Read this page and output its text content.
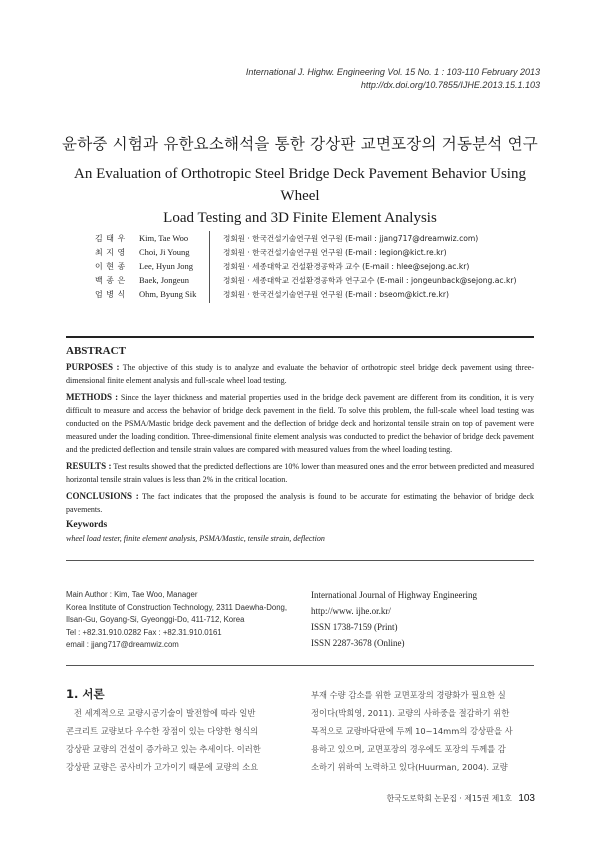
International J. Highw. Engineering Vol. 15 No. 1 : 103-110 February 2013
http://dx.doi.org/10.7855/IJHE.2013.15.1.103
윤하중 시험과 유한요소해석을 통한 강상판 교면포장의 거동분석 연구
An Evaluation of Orthotropic Steel Bridge Deck Pavement Behavior Using Wheel
Load Testing and 3D Finite Element Analysis
김 태 우 Kim, Tae Woo	정회원 · 한국건설기술연구원 연구원 (E-mail : jjang717@dreamwiz.com)
최 지 영 Choi, Ji Young	정회원 · 한국건설기술연구원 연구원 (E-mail : legion@kict.re.kr)
이 현 종 Lee, Hyun Jong	정회원 · 세종대학교 건설환경공학과 교수 (E-mail : hlee@sejong.ac.kr)
백 종 은 Baek, Jongeun	정회원 · 세종대학교 건설환경공학과 연구교수 (E-mail : jongeunback@sejong.ac.kr)
엄 병 식 Ohm, Byung Sik	정회원 · 한국건설기술연구원 연구원 (E-mail : bseom@kict.re.kr)
ABSTRACT
PURPOSES : The objective of this study is to analyze and evaluate the behavior of orthotropic steel bridge deck pavement using three-dimensional finite element analysis and full-scale wheel load testing.
METHODS : Since the layer thickness and material properties used in the bridge deck pavement are different from its condition, it is very difficult to measure and access the behavior of bridge deck pavement in the field. To solve this problem, the full-scale wheel load testing was conducted on the PSMA/Mastic bridge deck pavement and the deflection of bridge deck and horizontal tensile strain on top of pavement were measured under the loading condition. Three-dimensional finite element analysis was conducted to predict the behavior of bridge deck pavement and the predicted deflection and tensile strain values are compared with measured values from the wheel loading testing.
RESULTS : Test results showed that the predicted deflections are 10% lower than measured ones and the error between predicted and measured horizontal tensile strain values is less than 2% in the critical location.
CONCLUSIONS : The fact indicates that the proposed the analysis is found to be accurate for estimating the behavior of bridge deck pavements.
Keywords
wheel load tester, finite element analysis, PSMA/Mastic, tensile strain, deflection
Main Author : Kim, Tae Woo, Manager
Korea Institute of Construction Technology, 2311 Daewha-Dong,
Ilsan-Gu, Goyang-Si, Gyeonggi-Do, 411-712, Korea
Tel : +82.31.910.0282 Fax : +82.31.910.0161
email : jjang717@dreamwiz.com
International Journal of Highway Engineering
http://www. ijhe.or.kr/
ISSN 1738-7159 (Print)
ISSN 2287-3678 (Online)
1. 서론
전 세계적으로 교량시공기술이 발전함에 따라 일반
콘크리트 교량보다 우수한 장점이 있는 다양한 형식의
강상판 교량의 건설이 증가하고 있는 추세이다. 이러한
강상판 교량은 공사비가 고가이기 때문에 교량의 소요
부재 수량 감소를 위한 교면포장의 경량화가 필요한 실
정이다(박희영, 2011). 교량의 사하중을 절감하기 위한
목적으로 교량바닥판에 두께 10~14mm의 강상판을 사
용하고 있으며, 교면포장의 경우에도 포장의 두께를 감
소하기 위하여 노력하고 있다(Huurman, 2004). 교량
한국도로학회 논문집 · 제15권 제1호 103
